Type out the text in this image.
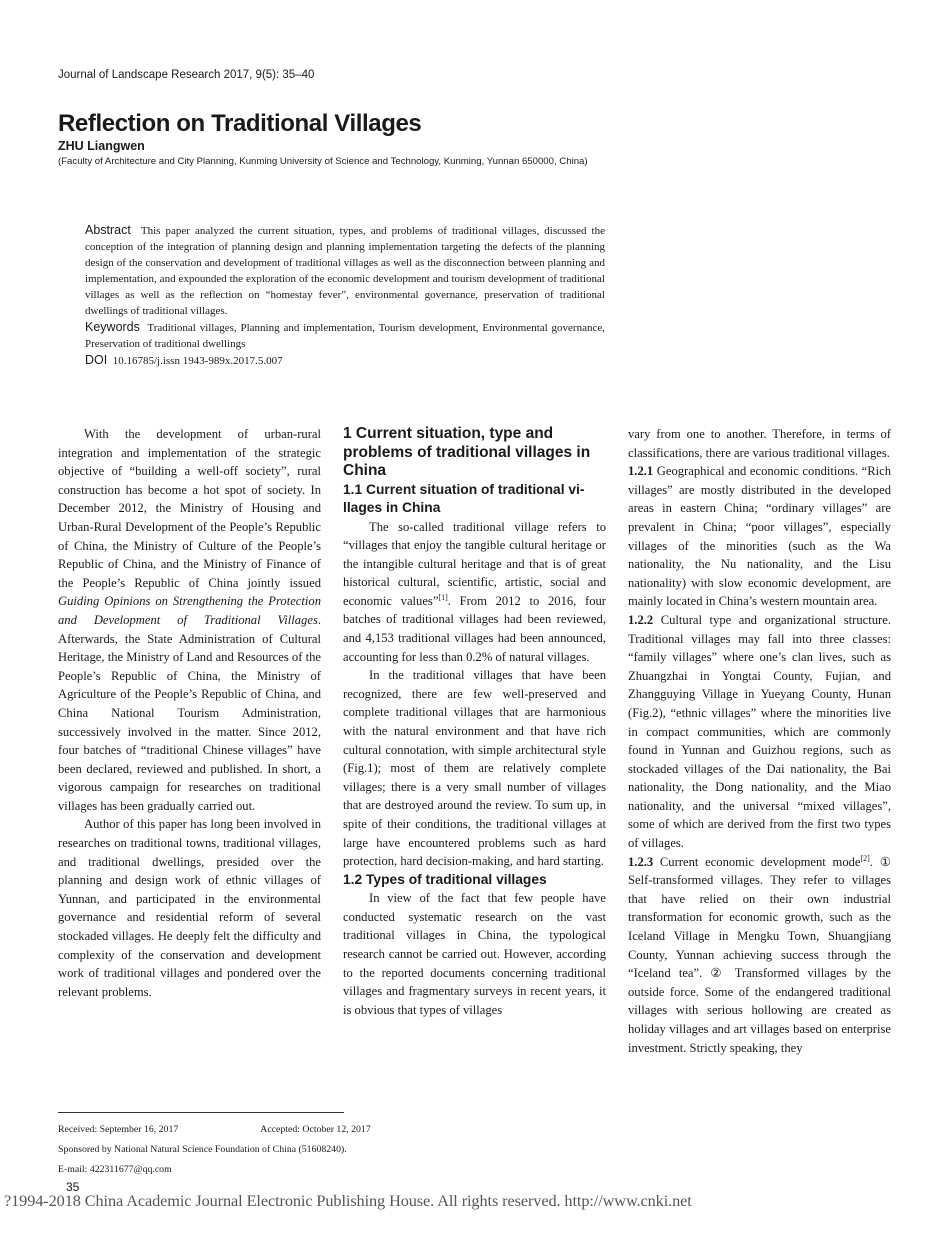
Journal of Landscape Research 2017, 9(5): 35–40
Reflection on Traditional Villages
ZHU Liangwen
(Faculty of Architecture and City Planning, Kunming University of Science and Technology, Kunming, Yunnan 650000, China)

Abstract This paper analyzed the current situation, types, and problems of traditional villages, discussed the conception of the integration of planning design and planning implementation targeting the defects of the planning design of the conservation and development of traditional villages as well as the disconnection between planning and implementation, and expounded the exploration of the economic development and tourism development of traditional villages as well as the reflection on “homestay fever”, environmental governance, preservation of traditional dwellings of traditional villages.

Keywords Traditional villages, Planning and implementation, Tourism development, Environmental governance, Preservation of traditional dwellings

DOI 10.16785/j.issn 1943-989x.2017.5.007

With the development of urban-rural integration and implementation of the strategic objective of “building a well-off society”, rural construction has become a hot spot of society. In December 2012, the Ministry of Housing and Urban-Rural Development of the People’s Republic of China, the Ministry of Culture of the People’s Republic of China, and the Ministry of Finance of the People’s Republic of China jointly issued Guiding Opinions on Strengthening the Protection and Development of Traditional Villages. Afterwards, the State Administration of Cultural Heritage, the Ministry of Land and Resources of the People’s Republic of China, the Ministry of Agriculture of the People’s Republic of China, and China National Tourism Administration, successively involved in the matter. Since 2012, four batches of “traditional Chinese villages” have been declared, reviewed and published. In short, a vigorous campaign for researches on traditional villages has been gradually carried out.

Author of this paper has long been involved in researches on traditional towns, traditional villages, and traditional dwellings, presided over the planning and design work of ethnic villages of Yunnan, and participated in the environmental governance and residential reform of several stockaded villages. He deeply felt the difficulty and complexity of the conservation and development work of traditional villages and pondered over the relevant problems.

1 Current situation, type and problems of traditional villages in China

1.1 Current situation of traditional vi-llages in China

The so-called traditional village refers to “villages that enjoy the tangible cultural heritage or the intangible cultural heritage and that is of great historical cultural, scientific, artistic, social and economic values”[1]. From 2012 to 2016, four batches of traditional villages had been reviewed, and 4,153 traditional villages had been announced, accounting for less than 0.2% of natural villages.

In the traditional villages that have been recognized, there are few well-preserved and complete traditional villages that are harmonious with the natural environment and that have rich cultural connotation, with simple architectural style (Fig.1); most of them are relatively complete villages; there is a very small number of villages that are destroyed around the review. To sum up, in spite of their conditions, the traditional villages at large have encountered problems such as hard protection, hard decision-making, and hard starting.

1.2 Types of traditional villages

In view of the fact that few people have conducted systematic research on the vast traditional villages in China, the typological research cannot be carried out. However, according to the reported documents concerning traditional villages and fragmentary surveys in recent years, it is obvious that types of villages

vary from one to another. Therefore, in terms of classifications, there are various traditional villages.

1.2.1 Geographical and economic conditions. “Rich villages” are mostly distributed in the developed areas in eastern China; “ordinary villages” are prevalent in China; “poor villages”, especially villages of the minorities (such as the Wa nationality, the Nu nationality, and the Lisu nationality) with slow economic development, are mainly located in China’s western mountain area.

1.2.2 Cultural type and organizational structure. Traditional villages may fall into three classes: “family villages” where one’s clan lives, such as Zhuangzhai in Yongtai County, Fujian, and Zhangguying Village in Yueyang County, Hunan (Fig.2), “ethnic villages” where the minorities live in compact communities, which are commonly found in Yunnan and Guizhou regions, such as stockaded villages of the Dai nationality, the Bai nationality, the Dong nationality, and the Miao nationality, and the universal “mixed villages”, some of which are derived from the first two types of villages.

1.2.3 Current economic development mode[2]. ① Self-transformed villages. They refer to villages that have relied on their own industrial transformation for economic growth, such as the Iceland Village in Mengku Town, Shuangjiang County, Yunnan achieving success through the “Iceland tea”. ② Transformed villages by the outside force. Some of the endangered traditional villages with serious hollowing are created as holiday villages and art villages based on enterprise investment. Strictly speaking, they

Received: September 16, 2017	Accepted: October 12, 2017
Sponsored by National Natural Science Foundation of China (51608240).
E-mail: 422311677@qq.com
35
?1994-2018 China Academic Journal Electronic Publishing House. All rights reserved. http://www.cnki.net
